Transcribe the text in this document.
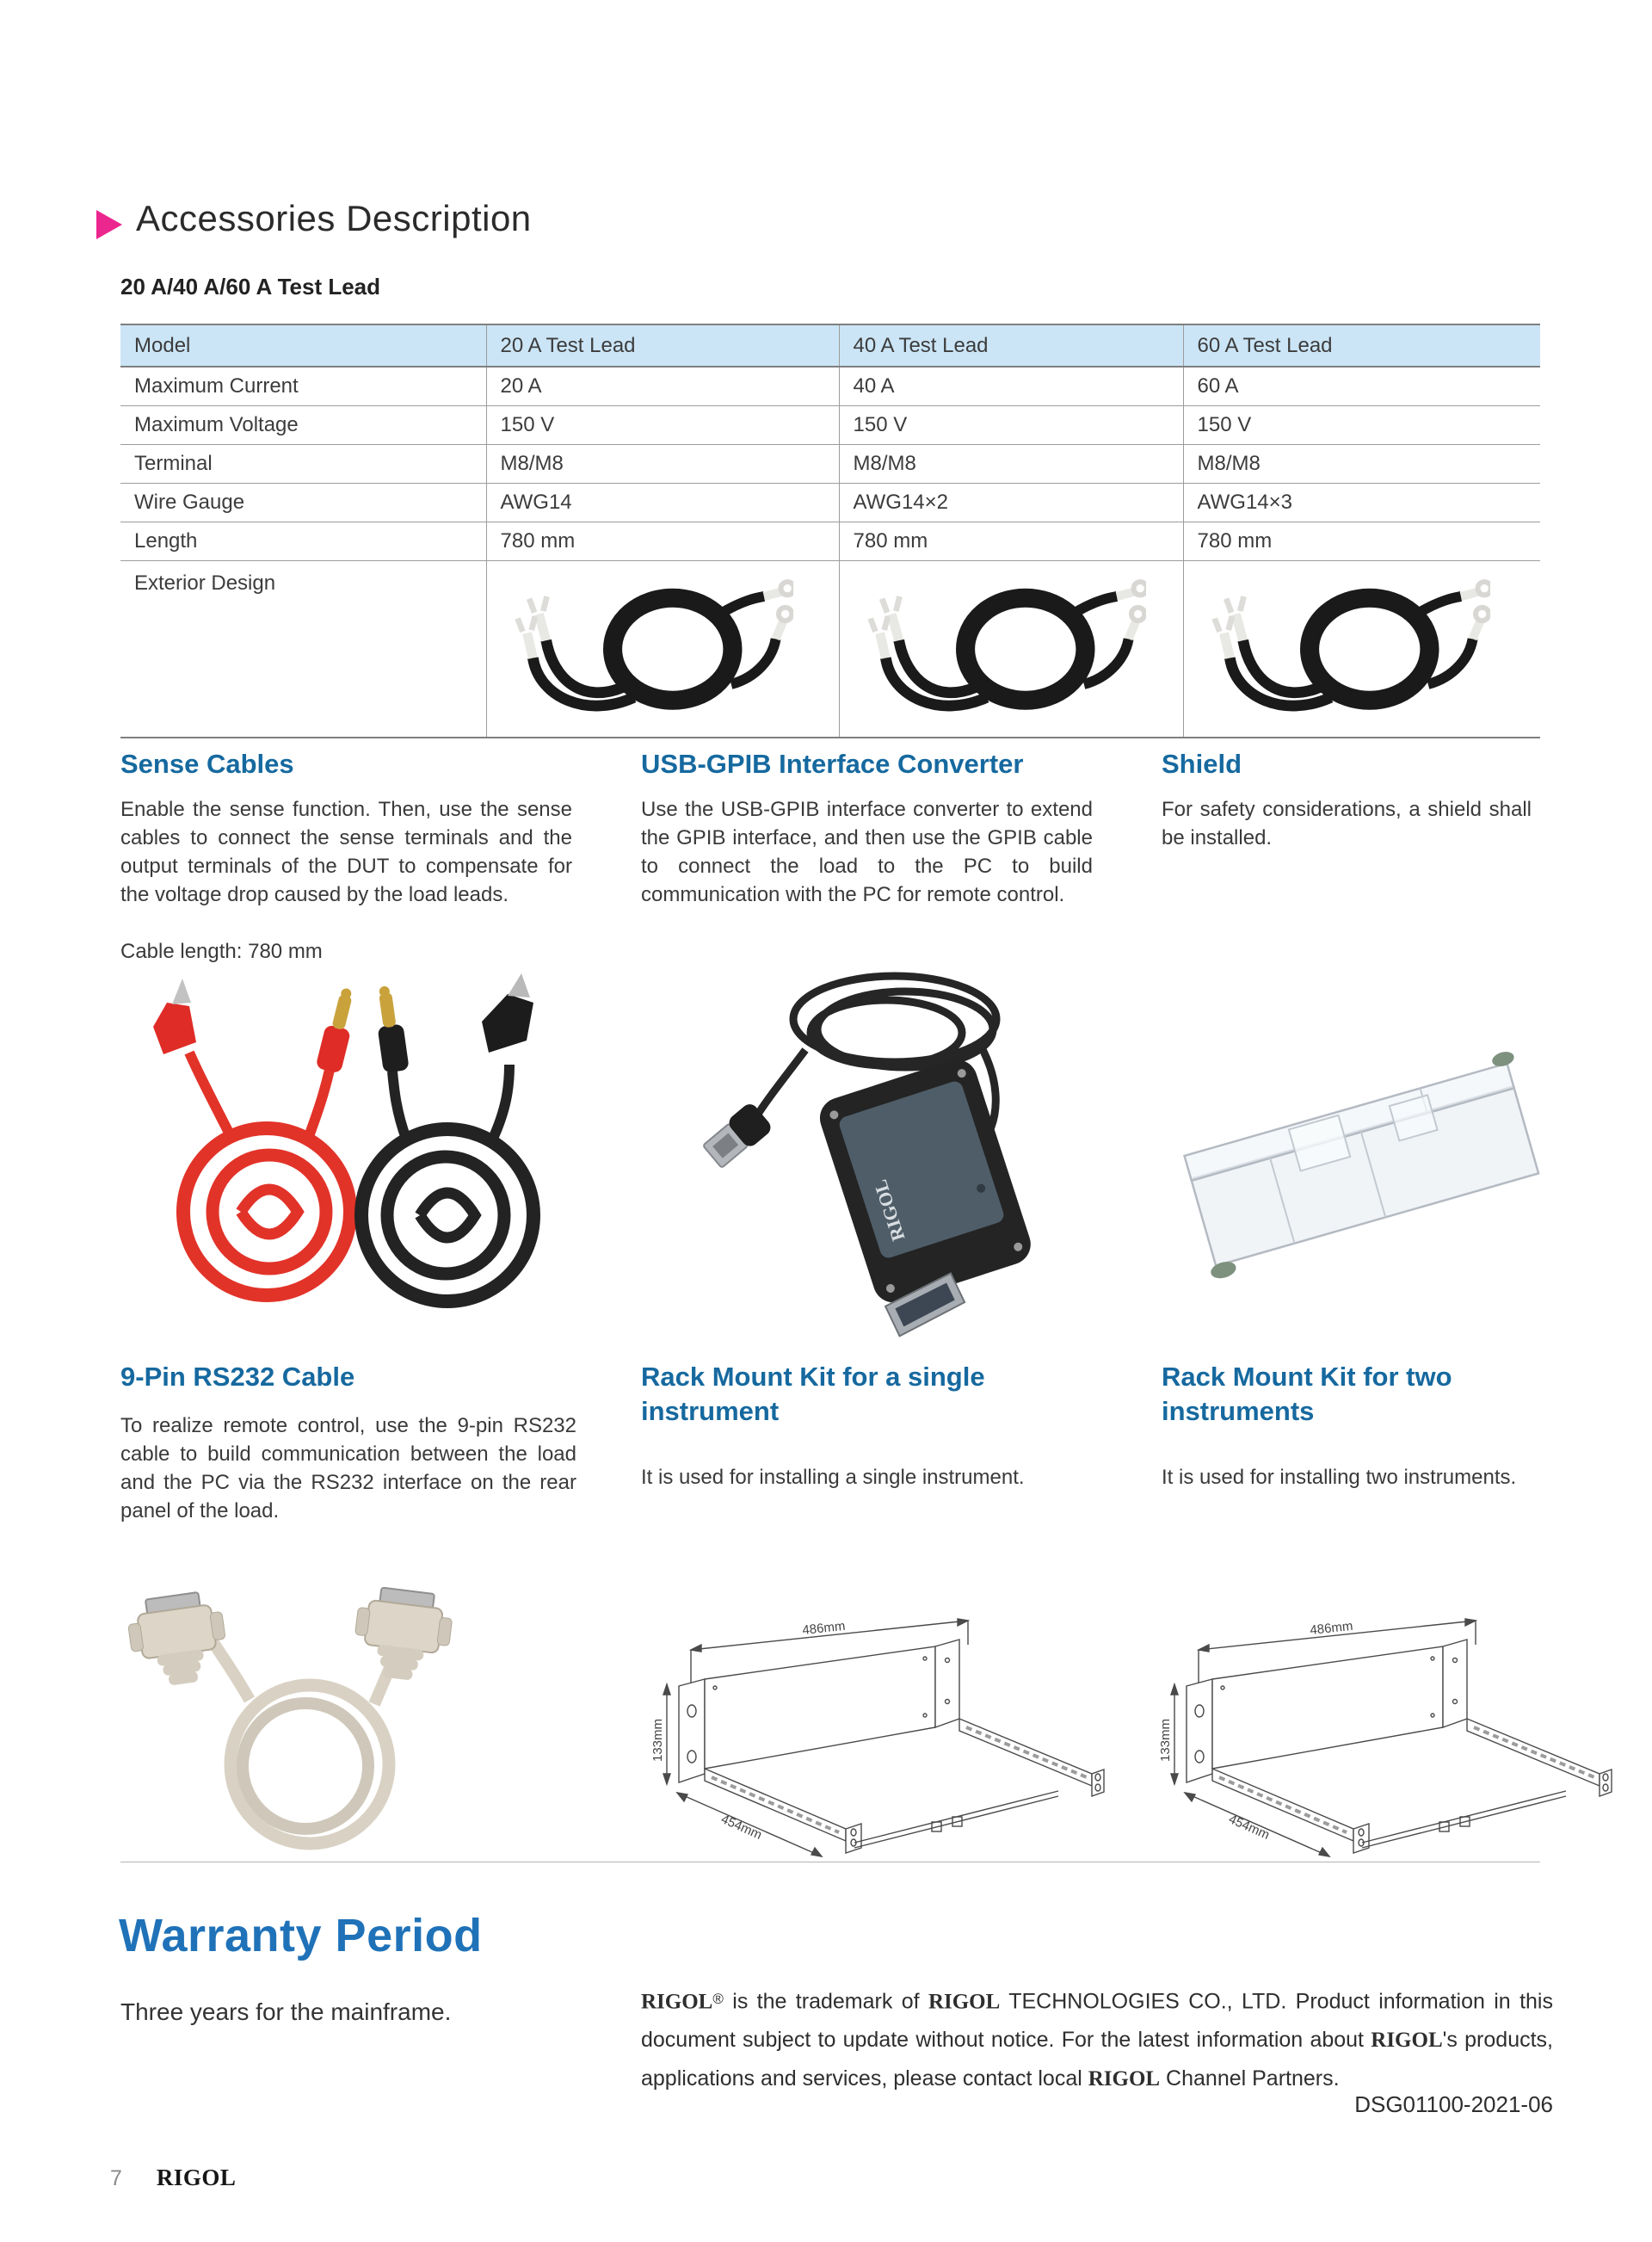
Accessories Description
20 A/40 A/60 A Test Lead
Model	20 A Test Lead	40 A Test Lead	60 A Test Lead
Maximum Current	20 A	40 A	60 A
Maximum Voltage	150 V	150 V	150 V
Terminal	M8/M8	M8/M8	M8/M8
Wire Gauge	AWG14	AWG14×2	AWG14×3
Length	780 mm	780 mm	780 mm
Exterior Design			
Sense Cables
Enable the sense function. Then, use the sense cables to connect the sense terminals and the output terminals of the DUT to compensate for the voltage drop caused by the load leads.
Cable length: 780 mm
USB-GPIB Interface Converter
Use the USB-GPIB interface converter to extend the GPIB interface, and then use the GPIB cable to connect the load to the PC to build communication with the PC for remote control.
Shield
For safety considerations, a shield shall be installed.
RIGOL
9-Pin RS232 Cable
To realize remote control, use the 9-pin RS232 cable to build communication between the load and the PC via the RS232 interface on the rear panel of the load.
Rack Mount Kit for a single instrument
It is used for installing a single instrument.
Rack Mount Kit for two instruments
It is used for installing two instruments.
Warranty Period
Three years for the mainframe.	RIGOL® is the trademark of RIGOL TECHNOLOGIES CO., LTD. Product information in this document subject to update without notice. For the latest information about RIGOL's products, applications and services, please contact local RIGOL Channel Partners.
DSG01100-2021-06
7 RIGOL
